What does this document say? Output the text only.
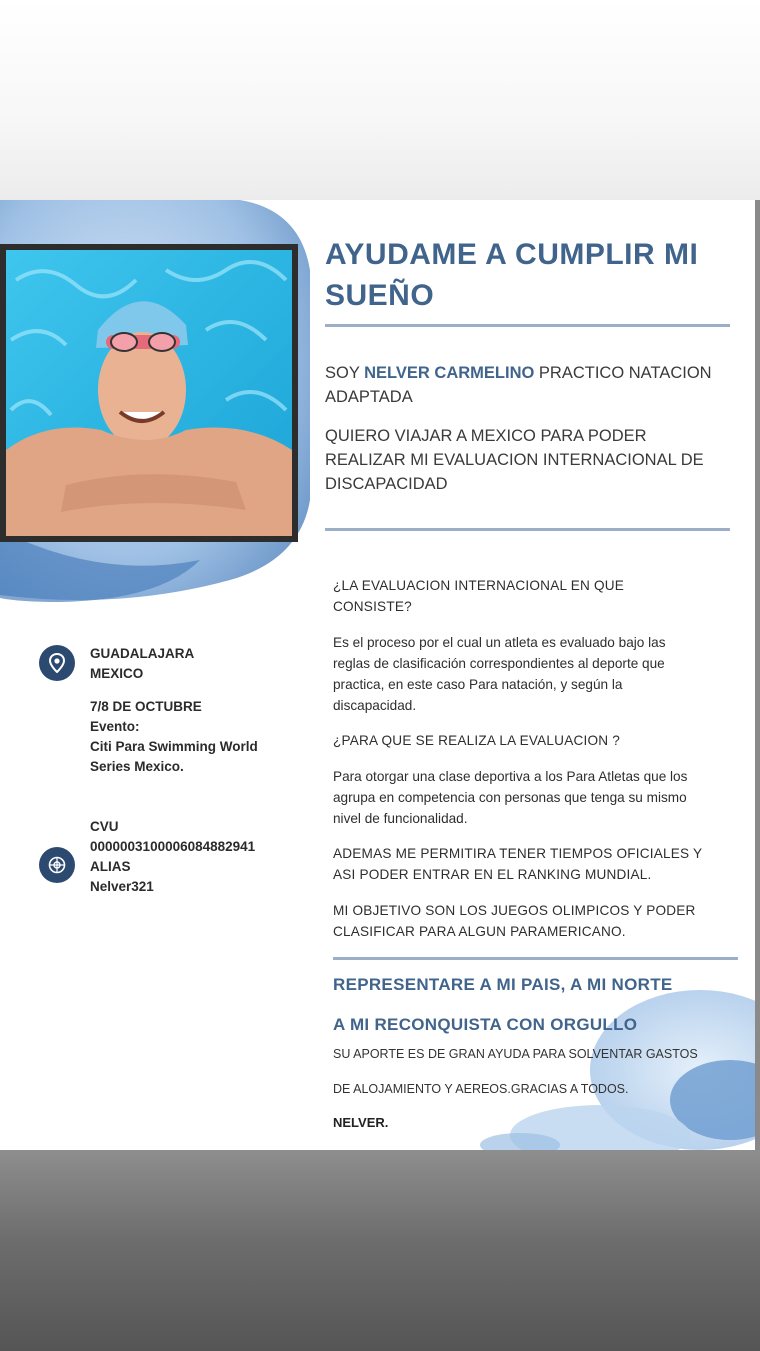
AYUDAME A CUMPLIR MI
SUEÑO

SOY NELVER CARMELINO PRACTICO NATACION ADAPTADA

QUIERO VIAJAR A MEXICO PARA PODER REALIZAR MI EVALUACION INTERNACIONAL DE DISCAPACIDAD

¿LA EVALUACION INTERNACIONAL EN QUE CONSISTE?

Es el proceso por el cual un atleta es evaluado bajo las reglas de clasificación correspondientes al deporte que practica, en este caso Para natación, y según la discapacidad.

¿PARA QUE SE REALIZA LA EVALUACION ?

Para otorgar una clase deportiva a los Para Atletas que los agrupa en competencia con personas que tenga su mismo nivel de funcionalidad.

ADEMAS ME PERMITIRA TENER TIEMPOS OFICIALES Y ASI PODER ENTRAR EN EL RANKING MUNDIAL.

MI OBJETIVO SON LOS JUEGOS OLIMPICOS Y PODER CLASIFICAR PARA ALGUN PARAMERICANO.

REPRESENTARE A MI PAIS, A MI NORTE

A MI RECONQUISTA CON ORGULLO

SU APORTE ES DE GRAN AYUDA PARA SOLVENTAR GASTOS

DE ALOJAMIENTO Y AEREOS.GRACIAS A TODOS.

NELVER.

GUADALAJARA
MEXICO

7/8 DE OCTUBRE
Evento:
Citi Para Swimming World
Series Mexico.

CVU
0000003100006084882941
ALIAS
Nelver321
